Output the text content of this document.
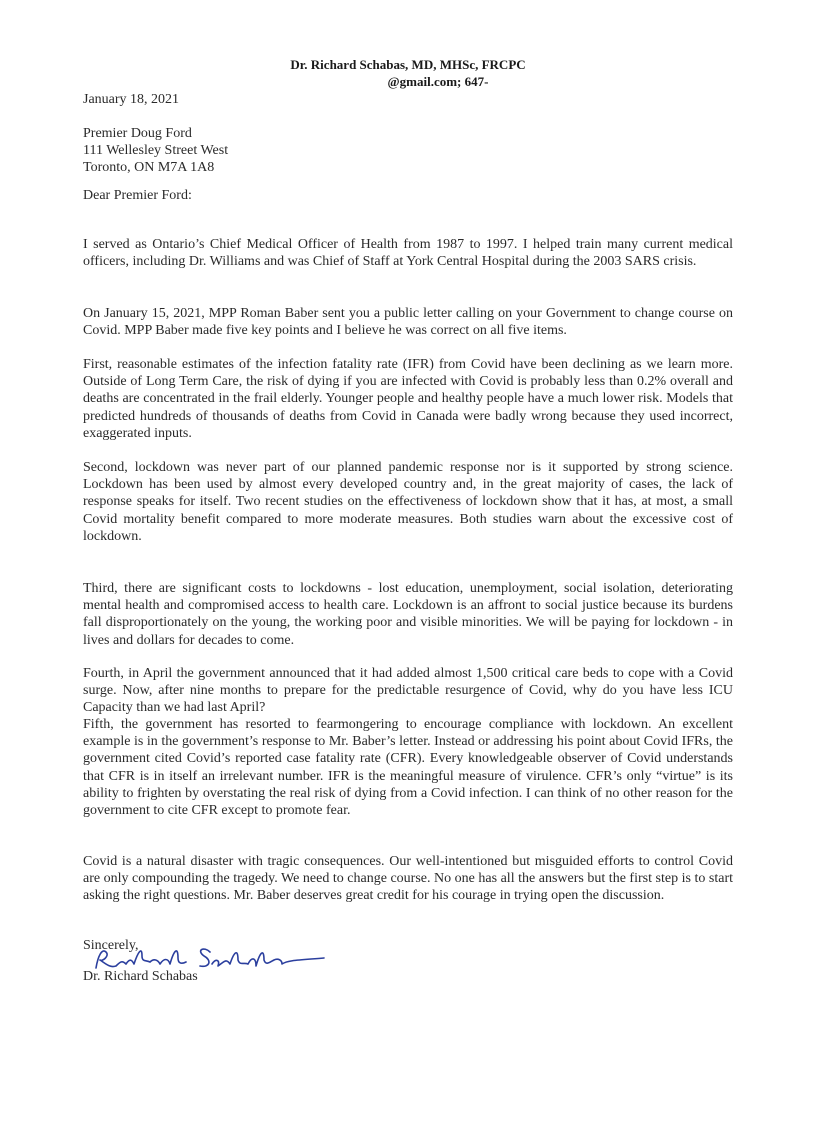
Dr. Richard Schabas, MD, MHSc, FRCPC
@gmail.com; 647-
January 18, 2021
Premier Doug Ford
111 Wellesley Street West
Toronto, ON M7A 1A8
Dear Premier Ford:
I served as Ontario’s Chief Medical Officer of Health from 1987 to 1997. I helped train many current medical officers, including Dr. Williams and was Chief of Staff at York Central Hospital during the 2003 SARS crisis.
On January 15, 2021, MPP Roman Baber sent you a public letter calling on your Government to change course on Covid. MPP Baber made five key points and I believe he was correct on all five items.
First, reasonable estimates of the infection fatality rate (IFR) from Covid have been declining as we learn more. Outside of Long Term Care, the risk of dying if you are infected with Covid is probably less than 0.2% overall and deaths are concentrated in the frail elderly. Younger people and healthy people have a much lower risk. Models that predicted hundreds of thousands of deaths from Covid in Canada were badly wrong because they used incorrect, exaggerated inputs.
Second, lockdown was never part of our planned pandemic response nor is it supported by strong science. Lockdown has been used by almost every developed country and, in the great majority of cases, the lack of response speaks for itself. Two recent studies on the effectiveness of lockdown show that it has, at most, a small Covid mortality benefit compared to more moderate measures. Both studies warn about the excessive cost of lockdown.
Third, there are significant costs to lockdowns - lost education, unemployment, social isolation, deteriorating mental health and compromised access to health care. Lockdown is an affront to social justice because its burdens fall disproportionately on the young, the working poor and visible minorities. We will be paying for lockdown - in lives and dollars for decades to come.
Fourth, in April the government announced that it had added almost 1,500 critical care beds to cope with a Covid surge. Now, after nine months to prepare for the predictable resurgence of Covid, why do you have less ICU Capacity than we had last April?
Fifth, the government has resorted to fearmongering to encourage compliance with lockdown. An excellent example is in the government’s response to Mr. Baber’s letter. Instead or addressing his point about Covid IFRs, the government cited Covid’s reported case fatality rate (CFR). Every knowledgeable observer of Covid understands that CFR is in itself an irrelevant number. IFR is the meaningful measure of virulence. CFR’s only “virtue” is its ability to frighten by overstating the real risk of dying from a Covid infection. I can think of no other reason for the government to cite CFR except to promote fear.
Covid is a natural disaster with tragic consequences. Our well-intentioned but misguided efforts to control Covid are only compounding the tragedy. We need to change course. No one has all the answers but the first step is to start asking the right questions. Mr. Baber deserves great credit for his courage in trying open the discussion.
Sincerely,
Dr. Richard Schabas
